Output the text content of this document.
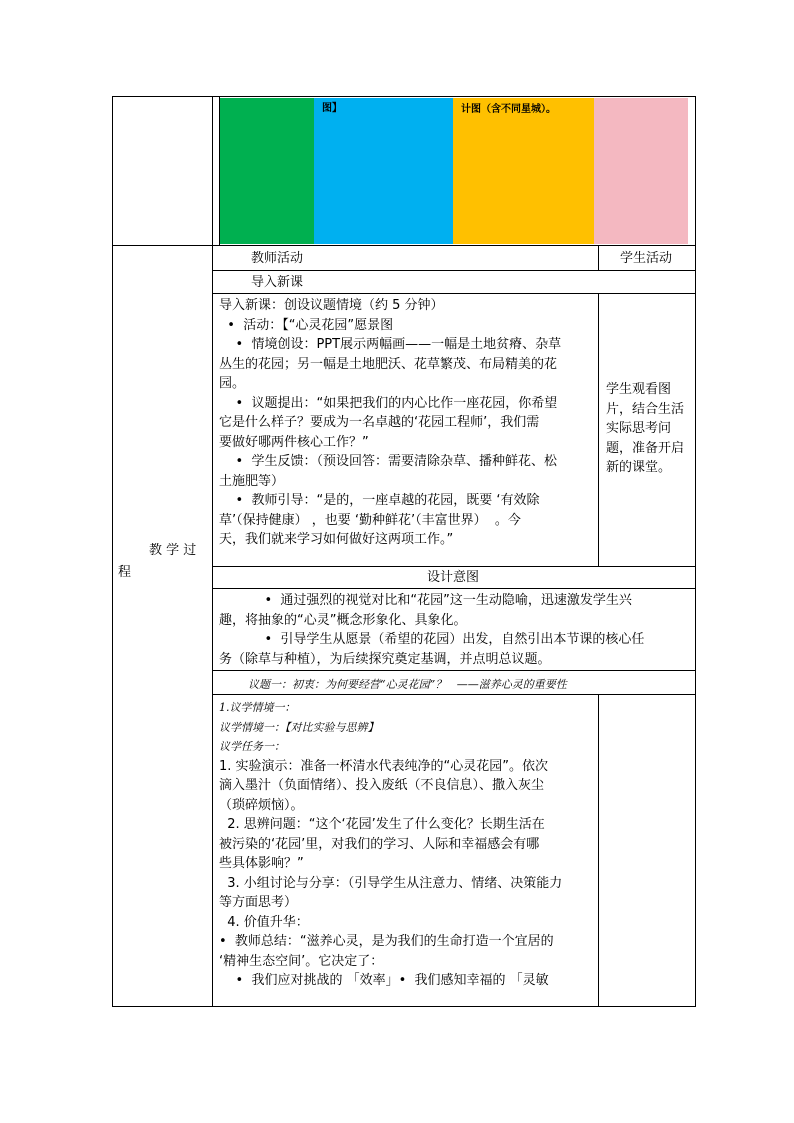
图】	计图（含不同星城）。
教 学 过
程
教师活动	学生活动
导入新课
设计意图
导入新课：创设议题情境（约 5 分钟）
•  活动：【“心灵花园”愿景图
•  情境创设：PPT展示两幅画——一幅是土地贫瘠、杂草
丛生的花园；另一幅是土地肥沃、花草繁茂、布局精美的花
园。
•  议题提出：“如果把我们的内心比作一座花园，你希望
它是什么样子？要成为一名卓越的‘花园工程师’，我们需
要做好哪两件核心工作？”
•  学生反馈：（预设回答：需要清除杂草、播种鲜花、松
土施肥等）
•  教师引导：“是的，一座卓越的花园，既要 ‘有效除
草’（保持健康） ，也要 ‘勤种鲜花’（丰富世界）  。今
天，我们就来学习如何做好这两项工作。”
学生观看图
片，结合生活
实际思考问
题，准备开启
新的课堂。
•  通过强烈的视觉对比和“花园”这一生动隐喻，迅速激发学生兴
趣，将抽象的“心灵”概念形象化、具象化。
•  引导学生从愿景（希望的花园）出发，自然引出本节课的核心任
务（除草与种植），为后续探究奠定基调，并点明总议题。
议题一：初衷：为何要经营“心灵花园”？   ——滋养心灵的重要性
1.议学情境一：
议学情境一：【对比实验与思辨】
议学任务一：
1. 实验演示：准备一杯清水代表纯净的“心灵花园”。依次
滴入墨汁（负面情绪）、投入废纸（不良信息）、撒入灰尘
（琐碎烦恼）。
2. 思辨问题：“这个‘花园’发生了什么变化？长期生活在
被污染的‘花园’里，对我们的学习、人际和幸福感会有哪
些具体影响？”
3. 小组讨论与分享：（引导学生从注意力、情绪、决策能力
等方面思考）
4. 价值升华：
•  教师总结：“滋养心灵，是为我们的生命打造一个宜居的
‘精神生态空间’。它决定了：
•  我们应对挑战的 「效率」•  我们感知幸福的 「灵敏
